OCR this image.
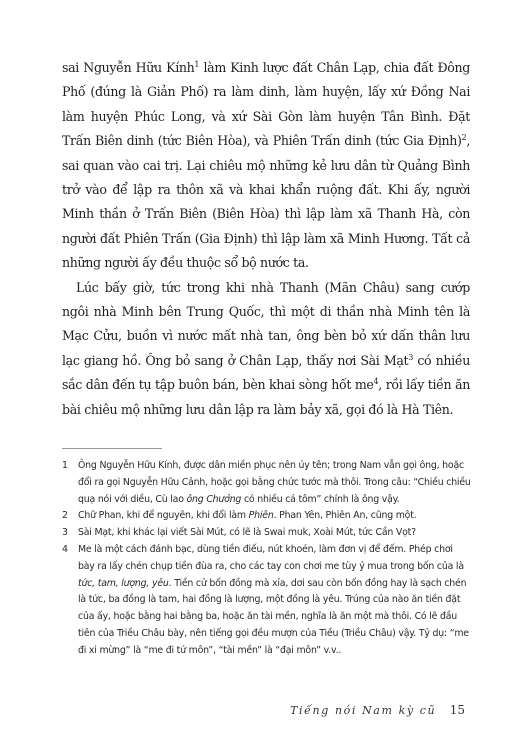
sai Nguyễn Hữu Kính$^1$ làm Kinh lược đất Chân Lạp, chia đất Đông Phố (đúng là Giản Phố) ra làm dinh, làm huyện, lấy xứ Đồng Nai làm huyện Phúc Long, và xứ Sài Gòn làm huyện Tân Bình. Đặt Trấn Biên dinh (tức Biên Hòa), và Phiên Trấn dinh (tức Gia Định)$^2$, sai quan vào cai trị. Lại chiêu mộ những kẻ lưu dân từ Quảng Bình trở vào để lập ra thôn xã và khai khẩn ruộng đất. Khi ấy, người Minh thần ở Trấn Biên (Biên Hòa) thì lập làm xã Thanh Hà, còn người đất Phiên Trấn (Gia Định) thì lập làm xã Minh Hương. Tất cả những người ấy đều thuộc sổ bộ nước ta.

Lúc bấy giờ, tức trong khi nhà Thanh (Mãn Châu) sang cướp ngôi nhà Minh bên Trung Quốc, thì một di thần nhà Minh tên là Mạc Cửu, buồn vì nước mất nhà tan, ông bèn bỏ xứ dấn thân lưu lạc giang hồ. Ông bỏ sang ở Chân Lạp, thấy nơi Sài Mạt$^3$ có nhiều sắc dân đến tụ tập buôn bán, bèn khai sòng hốt $me^4$, rồi lấy tiền ăn bài chiêu mộ những lưu dân lập ra làm bảy xã, gọi đó là Hà Tiên.

1	Ông Nguyễn Hữu Kính, được dân miền phục nên úy tên; trong Nam vẫn gọi ông, hoặc đổi ra gọi Nguyễn Hữu Cảnh, hoặc gọi bằng chức tước mà thôi. Trong câu: “Chiều chiều quạ nói với diều, Cù lao ông Chưởng có nhiều cá tôm” chính là ông vậy.
2	Chữ Phan, khi để nguyên, khi đổi làm Phiên. Phan Yên, Phiên An, cũng một.
3	Sài Mạt, khi khác lại viết Sài Mút, có lẽ là Swai muk, Xoài Mút, tức Cần Vọt?
4	Me là một cách đánh bạc, dùng tiền điếu, nút khoén, làm đơn vị để đếm. Phép chơi bày ra lấy chén chụp tiền đùa ra, cho các tay con chơi me tùy ý mua trong bốn của là tức, tam, lượng, yêu. Tiền cử bốn đồng mà xỉa, dơi sau còn bốn đồng hay là sạch chén là tức, ba đồng là tam, hai đồng là lượng, một đồng là yêu. Trúng của nào ăn tiền đặt của ấy, hoặc bằng hai bằng ba, hoặc ăn tài mền, nghĩa là ăn một mà thôi. Có lẽ đầu tiên của Triều Châu bày, nên tiếng gọi đều mượn của Tiều (Triều Châu) vậy. Tỷ dụ: “me đi xi mừng” là “me đi tứ môn”, “tài mền” là “đại môn” v.v..
Tiếng nói Nam kỳ cũ 15
